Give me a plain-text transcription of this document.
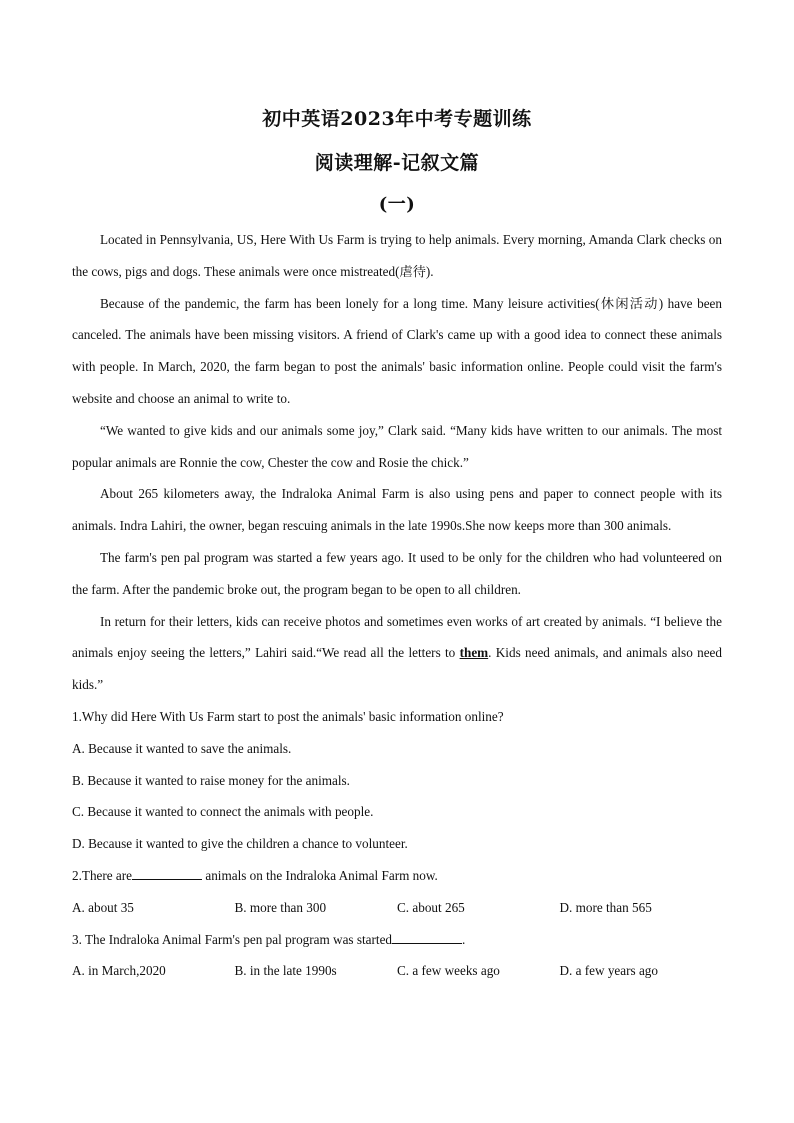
初中英语2023年中考专题训练
阅读理解-记叙文篇
(一)

Located in Pennsylvania, US, Here With Us Farm is trying to help animals. Every morning, Amanda Clark checks on the cows, pigs and dogs. These animals were once mistreated(虐待).

Because of the pandemic, the farm has been lonely for a long time. Many leisure activities(休闲活动) have been canceled. The animals have been missing visitors. A friend of Clark's came up with a good idea to connect these animals with people. In March, 2020, the farm began to post the animals' basic information online. People could visit the farm's website and choose an animal to write to.

“We wanted to give kids and our animals some joy,” Clark said. “Many kids have written to our animals. The most popular animals are Ronnie the cow, Chester the cow and Rosie the chick.”

About 265 kilometers away, the Indraloka Animal Farm is also using pens and paper to connect people with its animals. Indra Lahiri, the owner, began rescuing animals in the late 1990s.She now keeps more than 300 animals.

The farm's pen pal program was started a few years ago. It used to be only for the children who had volunteered on the farm. After the pandemic broke out, the program began to be open to all children.

In return for their letters, kids can receive photos and sometimes even works of art created by animals. “I believe the animals enjoy seeing the letters,” Lahiri said.“We read all the letters to them. Kids need animals, and animals also need kids.”

1.Why did Here With Us Farm start to post the animals' basic information online?

A. Because it wanted to save the animals.

B. Because it wanted to raise money for the animals.

C. Because it wanted to connect the animals with people.

D. Because it wanted to give the children a chance to volunteer.

2.There are	animals on the Indraloka Animal Farm now.

A. about 35	B. more than 300	C. about 265	D. more than 565

3. The Indraloka Animal Farm's pen pal program was started	.

A. in March,2020	B. in the late 1990s	C. a few weeks ago	D. a few years ago
